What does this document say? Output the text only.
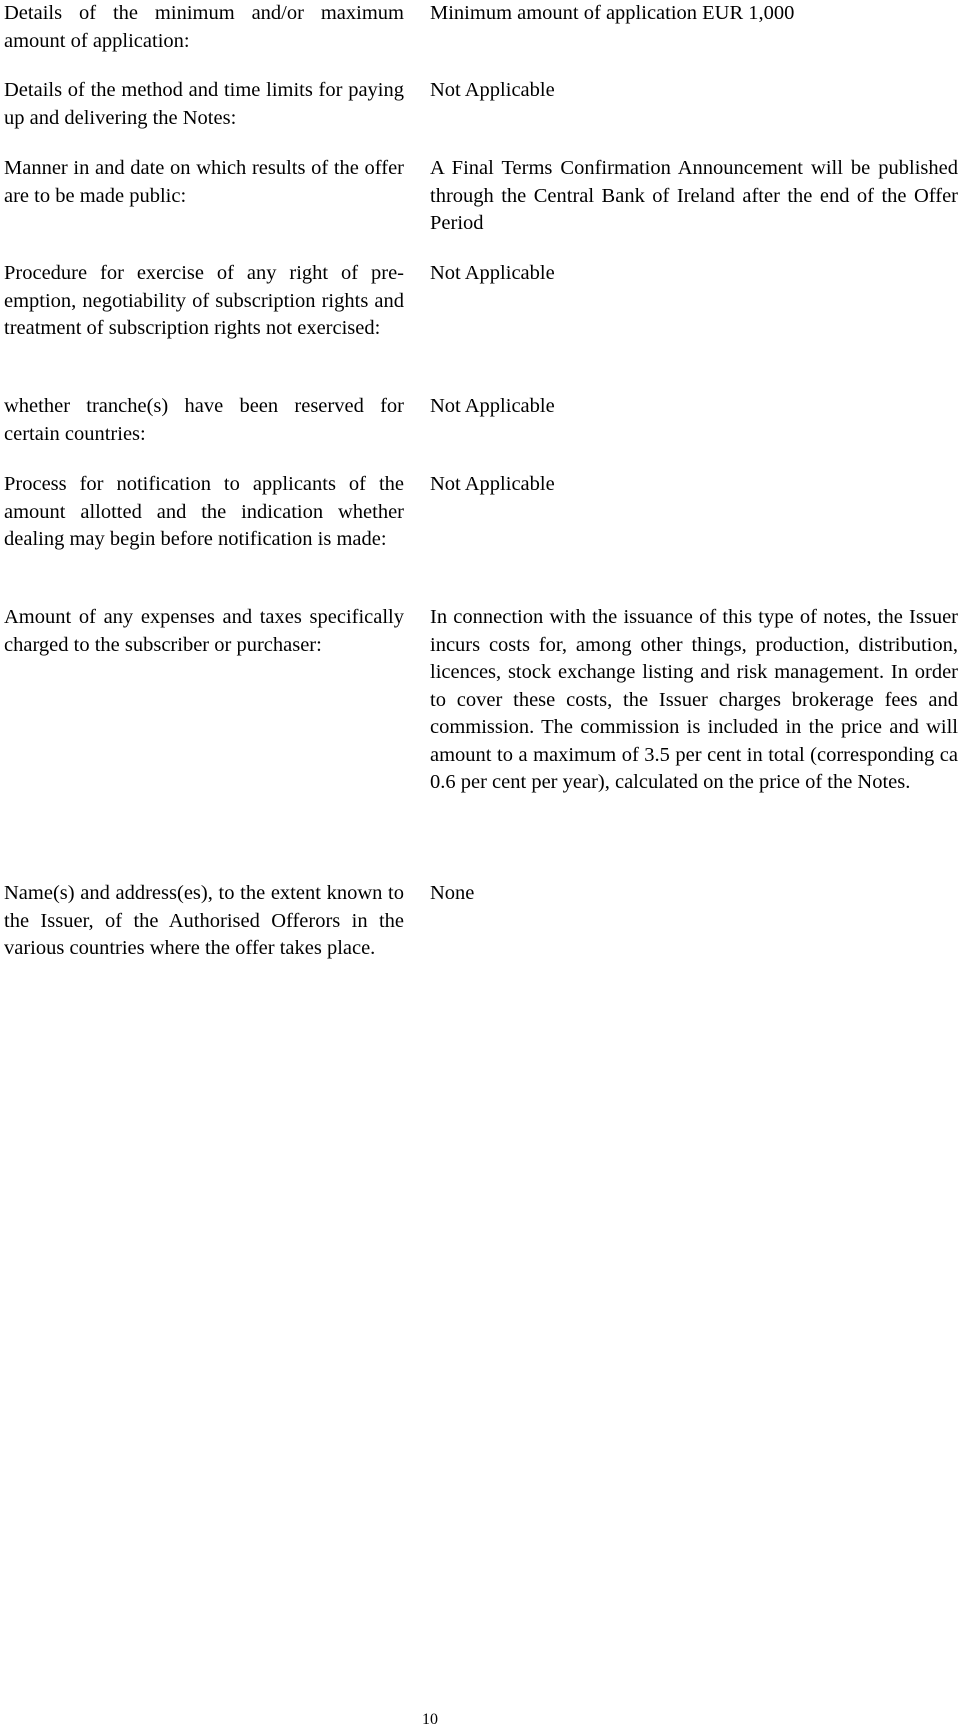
Details of the minimum and/or maximum amount of application:
Minimum amount of application EUR 1,000
Details of the method and time limits for paying up and delivering the Notes:
Not Applicable
Manner in and date on which results of the offer are to be made public:
A Final Terms Confirmation Announcement will be published through the Central Bank of Ireland after the end of the Offer Period
Procedure for exercise of any right of pre-emption, negotiability of subscription rights and treatment of subscription rights not exercised:
Not Applicable
whether tranche(s) have been reserved for certain countries:
Not Applicable
Process for notification to applicants of the amount allotted and the indication whether dealing may begin before notification is made:
Not Applicable
Amount of any expenses and taxes specifically charged to the subscriber or purchaser:
In connection with the issuance of this type of notes, the Issuer incurs costs for, among other things, production, distribution, licences, stock exchange listing and risk management. In order to cover these costs, the Issuer charges brokerage fees and commission. The commission is included in the price and will amount to a maximum of 3.5 per cent in total (corresponding ca 0.6 per cent per year), calculated on the price of the Notes.
Name(s) and address(es), to the extent known to the Issuer, of the Authorised Offerors in the various countries where the offer takes place.
None
10
